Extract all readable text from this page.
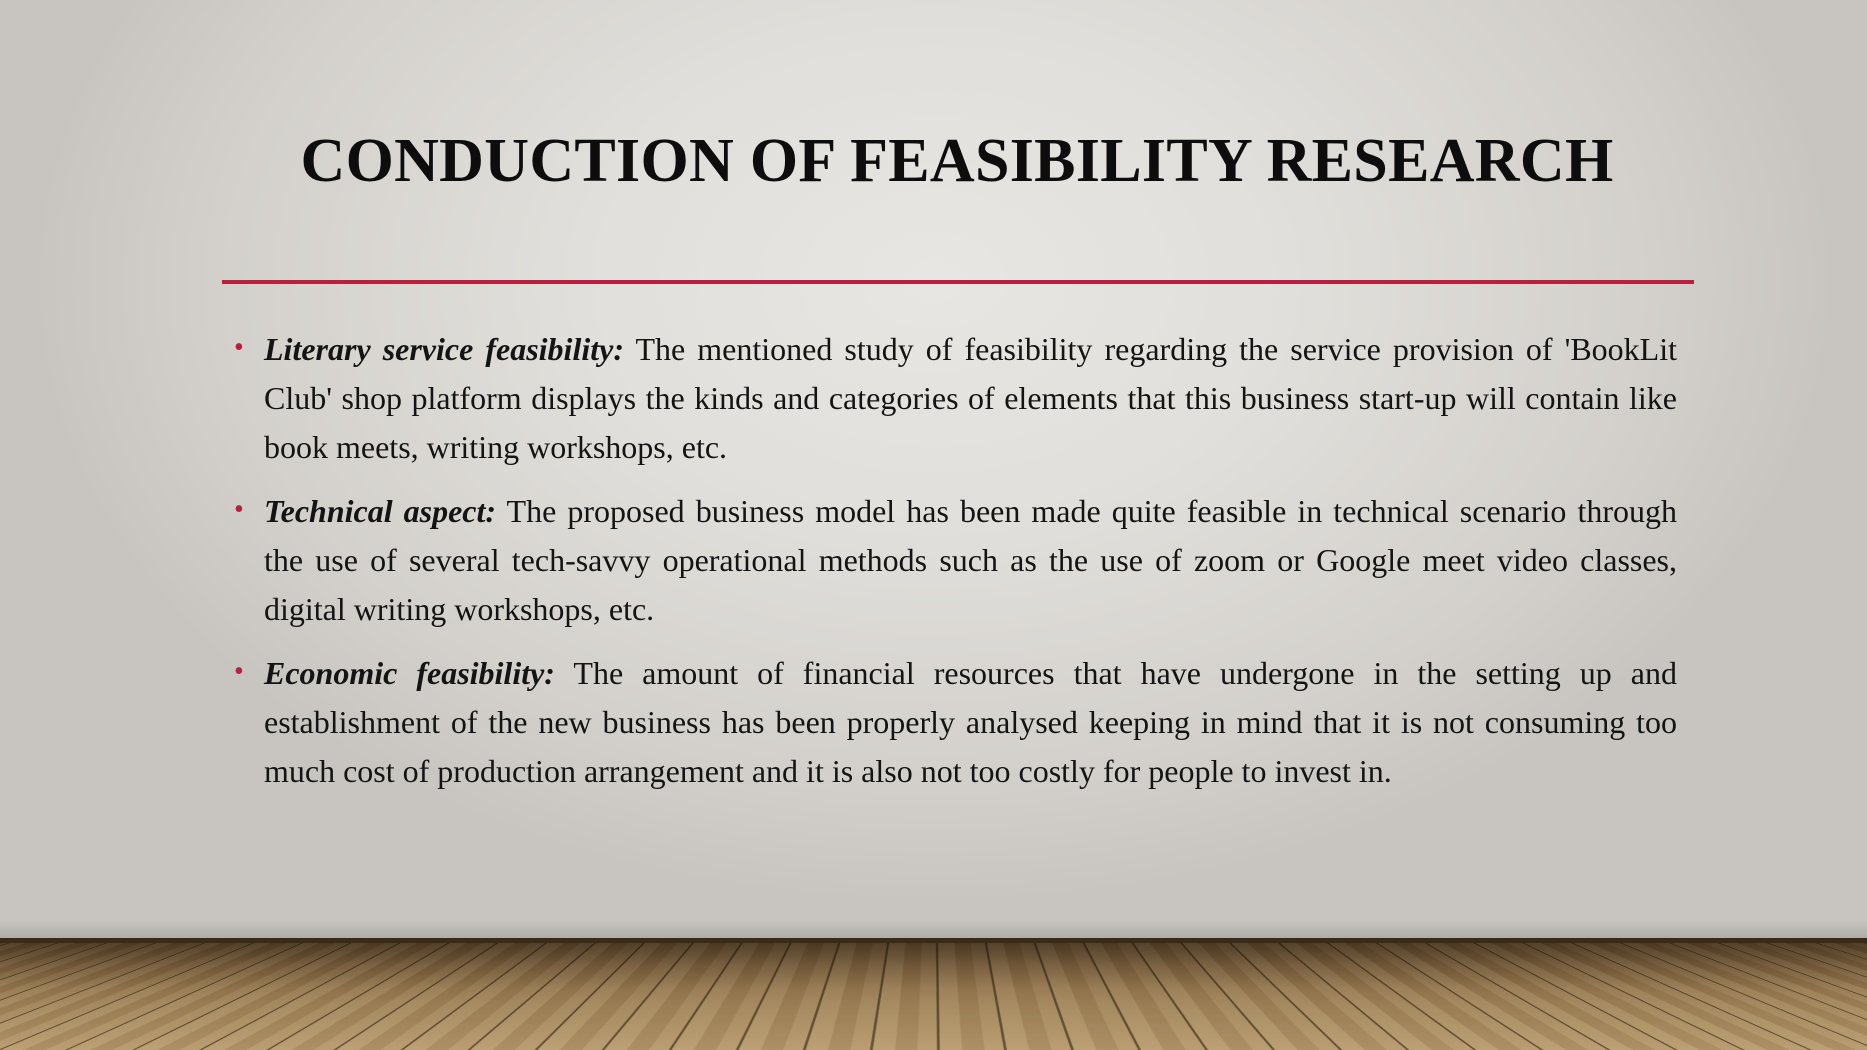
CONDUCTION OF FEASIBILITY RESEARCH
• Literary service feasibility: The mentioned study of feasibility regarding the service provision of 'BookLit Club' shop platform displays the kinds and categories of elements that this business start-up will contain like book meets, writing workshops, etc.
• Technical aspect: The proposed business model has been made quite feasible in technical scenario through the use of several tech-savvy operational methods such as the use of zoom or Google meet video classes, digital writing workshops, etc.
• Economic feasibility: The amount of financial resources that have undergone in the setting up and establishment of the new business has been properly analysed keeping in mind that it is not consuming too much cost of production arrangement and it is also not too costly for people to invest in.
